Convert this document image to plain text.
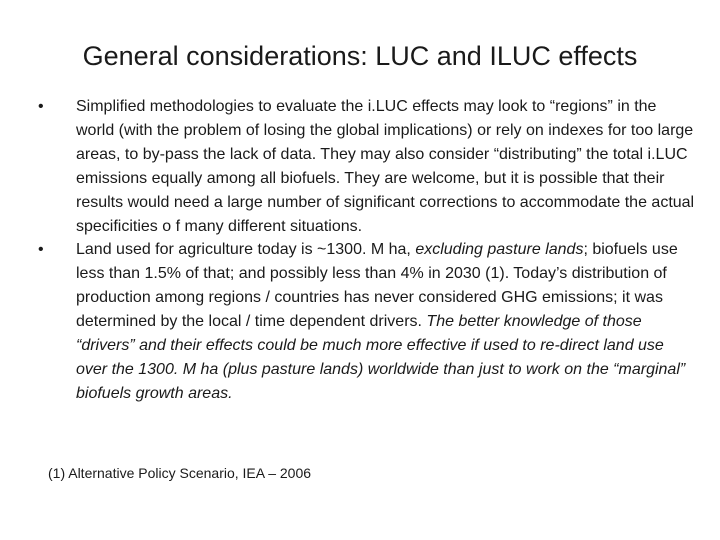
General considerations: LUC and ILUC effects
•	Simplified methodologies to evaluate the i.LUC effects may look to “regions” in the world (with the problem of losing the global implications) or rely on indexes for too large areas, to by-pass the lack of data. They may also consider “distributing” the total i.LUC emissions equally among all biofuels. They are welcome, but it is possible that their results would need a large number of significant corrections to accommodate the actual specificities o f many different situations.
•	Land used for agriculture today is ~1300. M ha, excluding pasture lands; biofuels use less than 1.5% of that; and possibly less than 4% in 2030 (1). Today’s distribution of production among regions / countries has never considered GHG emissions; it was determined by the local / time dependent drivers. The better knowledge of those “drivers” and their effects could be much more effective if used to re-direct land use over the 1300. M ha (plus pasture lands) worldwide than just to work on the “marginal” biofuels growth areas.

(1) Alternative Policy Scenario, IEA – 2006
